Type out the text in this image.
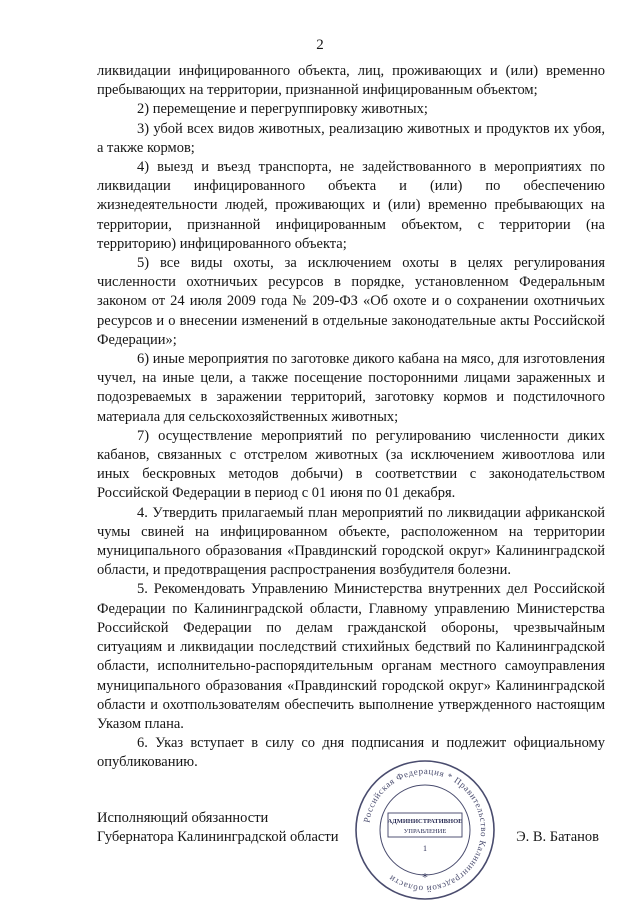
2

ликвидации инфицированного объекта, лиц, проживающих и (или) временно пребывающих на территории, признанной инфицированным объектом;

2) перемещение и перегруппировку животных;

3) убой всех видов животных, реализацию животных и продуктов их убоя, а также кормов;

4) выезд и въезд транспорта, не задействованного в мероприятиях по ликвидации инфицированного объекта и (или) по обеспечению жизнедеятельности людей, проживающих и (или) временно пребывающих на территории, признанной инфицированным объектом, с территории (на территорию) инфицированного объекта;

5) все виды охоты, за исключением охоты в целях регулирования численности охотничьих ресурсов в порядке, установленном Федеральным законом от 24 июля 2009 года № 209-ФЗ «Об охоте и о сохранении охотничьих ресурсов и о внесении изменений в отдельные законодательные акты Российской Федерации»;

6) иные мероприятия по заготовке дикого кабана на мясо, для изготовления чучел, на иные цели, а также посещение посторонними лицами зараженных и подозреваемых в заражении территорий, заготовку кормов и подстилочного материала для сельскохозяйственных животных;

7) осуществление мероприятий по регулированию численности диких кабанов, связанных с отстрелом животных (за исключением живоотлова или иных бескровных методов добычи) в соответствии с законодательством Российской Федерации в период с 01 июня по 01 декабря.

4. Утвердить прилагаемый план мероприятий по ликвидации африканской чумы свиней на инфицированном объекте, расположенном на территории муниципального образования «Правдинский городской округ» Калининградской области, и предотвращения распространения возбудителя болезни.

5. Рекомендовать Управлению Министерства внутренних дел Российской Федерации по Калининградской области, Главному управлению Министерства Российской Федерации по делам гражданской обороны, чрезвычайным ситуациям и ликвидации последствий стихийных бедствий по Калининградской области, исполнительно-распорядительным органам местного самоуправления муниципального образования «Правдинский городской округ» Калининградской области и охотпользователям обеспечить выполнение утвержденного настоящим Указом плана.

6. Указ вступает в силу со дня подписания и подлежит официальному опубликованию.

Исполняющий обязанности
Губернатора Калининградской области	Э. В. Батанов
Российская Федерация * Правительство Калининградской области
АДМИНИСТРАТИВНОЕ
УПРАВЛЕНИЕ
1
*
